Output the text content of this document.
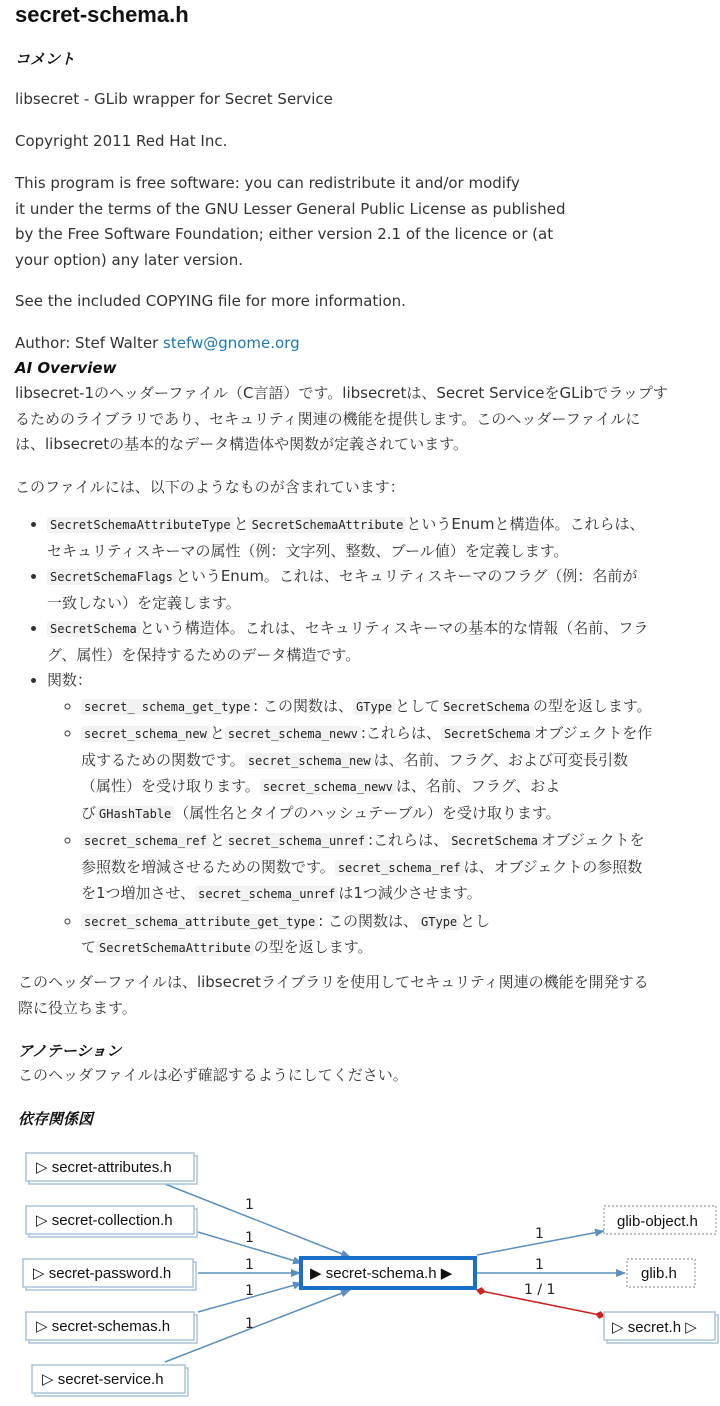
secret-schema.h

コメント

libsecret - GLib wrapper for Secret Service

Copyright 2011 Red Hat Inc.

This program is free software: you can redistribute it and/or modify
it under the terms of the GNU Lesser General Public License as published
by the Free Software Foundation; either version 2.1 of the licence or (at
your option) any later version.

See the included COPYING file for more information.

Author: Stef Walter stefw@gnome.org

AI Overview

libsecret-1のヘッダーファイル（C言語）です。libsecretは、Secret ServiceをGLibでラップす
るためのライブラリであり、セキュリティ関連の機能を提供します。このヘッダーファイルに
は、libsecretの基本的なデータ構造体や関数が定義されています。

このファイルには、以下のようなものが含まれています：

• SecretSchemaAttributeType と SecretSchemaAttribute というEnumと構造体。これらは、
セキュリティスキーマの属性（例：文字列、整数、ブール値）を定義します。
• SecretSchemaFlags というEnum。これは、セキュリティスキーマのフラグ（例：名前が
一致しない）を定義します。
• SecretSchema という構造体。これは、セキュリティスキーマの基本的な情報（名前、フラ
グ、属性）を保持するためのデータ構造です。
• 関数：
◦ secret_ schema_get_type : この関数は、 GType として SecretSchema の型を返します。
◦ secret_schema_new と secret_schema_newv :これらは、 SecretSchema オブジェクトを作
成するための関数です。 secret_schema_new は、名前、フラグ、および可変長引数
（属性）を受け取ります。 secret_schema_newv は、名前、フラグ、およ
び GHashTable （属性名とタイプのハッシュテーブル）を受け取ります。
◦ secret_schema_ref と secret_schema_unref :これらは、 SecretSchema オブジェクトを
参照数を増減させるための関数です。 secret_schema_ref は、オブジェクトの参照数
を1つ増加させ、 secret_schema_unref は1つ減少させます。
◦ secret_schema_attribute_get_type : この関数は、 GType とし
て SecretSchemaAttribute の型を返します。
このヘッダーファイルは、libsecretライブラリを使用してセキュリティ関連の機能を開発する
際に役立ちます。

アノテーション

このヘッダファイルは必ず確認するようにしてください。

依存関係図

1
1
1
1
1
1
1
1 / 1
▷ secret-attributes.h
▷ secret-collection.h
▷ secret-password.h
▷ secret-schemas.h
▷ secret-service.h
▶ secret-schema.h ▶
glib-object.h
glib.h
▷ secret.h ▷
